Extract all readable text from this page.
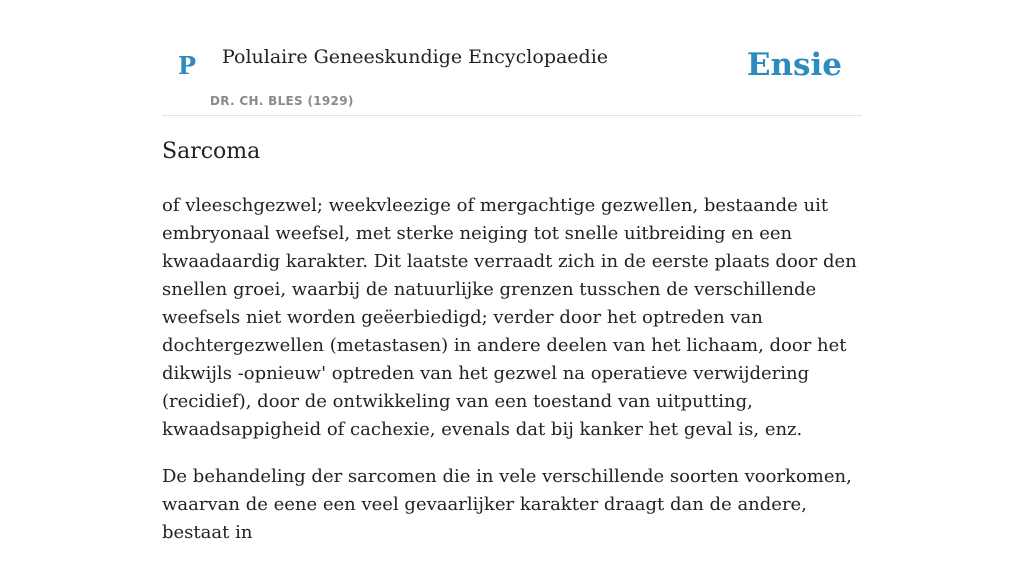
P Polulaire Geneeskundige Encyclopaedie
DR. CH. BLES (1929)
Ensie
Sarcoma

of vleeschgezwel; weekvleezige of mergachtige gezwellen, bestaande uit embryonaal weefsel, met sterke neiging tot snelle uitbreiding en een kwaadaardig karakter. Dit laatste verraadt zich in de eerste plaats door den snellen groei, waarbij de natuurlijke grenzen tusschen de verschillende weefsels niet worden geëerbiedigd; verder door het optreden van dochtergezwellen (metastasen) in andere deelen van het lichaam, door het dikwijls -opnieuw' optreden van het gezwel na operatieve verwijdering (recidief), door de ontwikkeling van een toestand van uitputting, kwaadsappigheid of cachexie, evenals dat bij kanker het geval is, enz.

De behandeling der sarcomen die in vele verschillende soorten voorkomen, waarvan de eene een veel gevaarlijker karakter draagt dan de andere, bestaat in
